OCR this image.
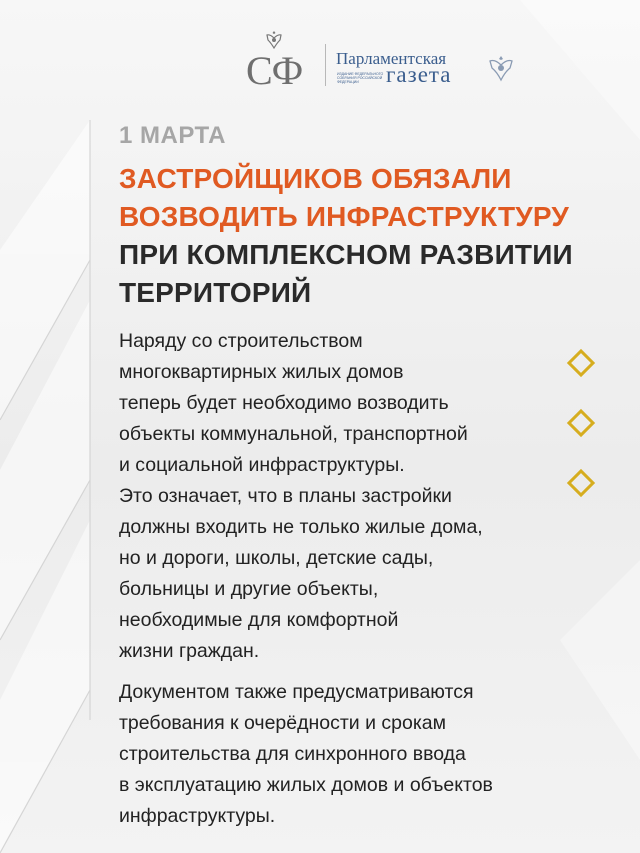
СФ Парламентская
ИЗДАНИЕ ФЕДЕРАЛЬНОГО СОБРАНИЯ РОССИЙСКОЙ ФЕДЕРАЦИИ	газета
1 МАРТА
ЗАСТРОЙЩИКОВ ОБЯЗАЛИ
ВОЗВОДИТЬ ИНФРАСТРУКТУРУ
ПРИ КОМПЛЕКСНОМ РАЗВИТИИ
ТЕРРИТОРИЙ
Наряду со строительством
многоквартирных жилых домов
теперь будет необходимо возводить
объекты коммунальной, транспортной
и социальной инфраструктуры.
Это означает, что в планы застройки
должны входить не только жилые дома,
но и дороги, школы, детские сады,
больницы и другие объекты,
необходимые для комфортной
жизни граждан.
Документом также предусматриваются
требования к очерёдности и срокам
строительства для синхронного ввода
в эксплуатацию жилых домов и объектов
инфраструктуры.
